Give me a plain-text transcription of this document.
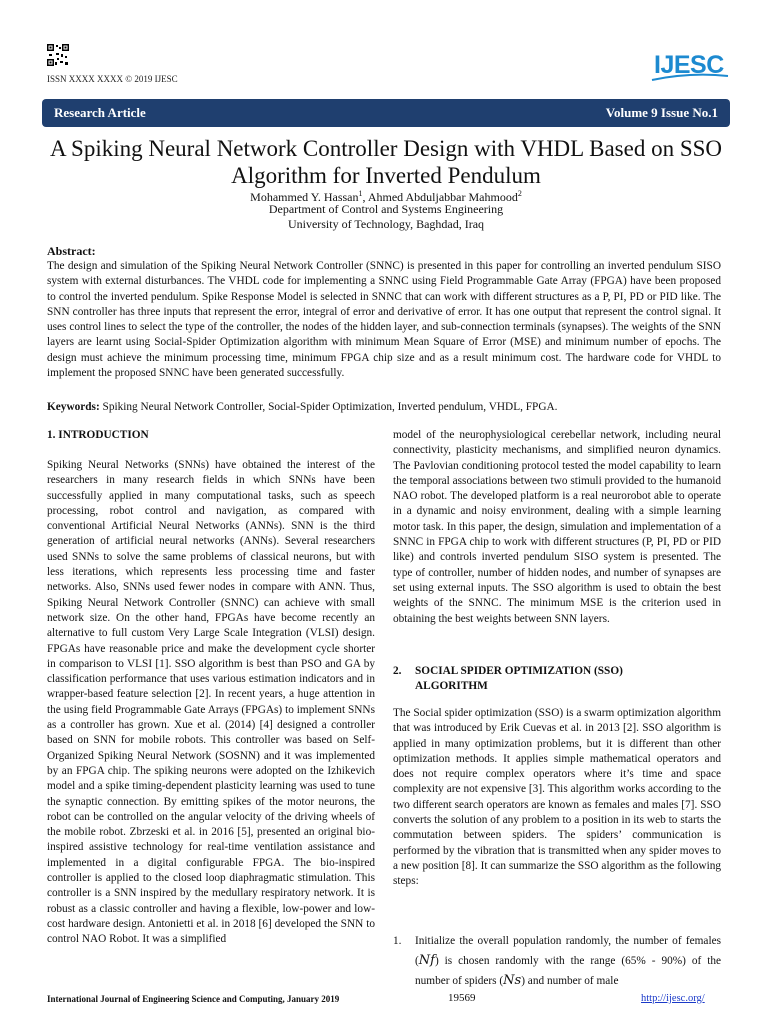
ISSN XXXX XXXX © 2019 IJESC	IJESC
Research Article	Volume 9 Issue No.1
A Spiking Neural Network Controller Design with VHDL Based on SSO Algorithm for Inverted Pendulum
Mohammed Y. Hassan$^1$, Ahmed Abduljabbar Mahmood$^2$
Department of Control and Systems Engineering
University of Technology, Baghdad, Iraq
Abstract:
The design and simulation of the Spiking Neural Network Controller (SNNC) is presented in this paper for controlling an inverted pendulum SISO system with external disturbances. The VHDL code for implementing a SNNC using Field Programmable Gate Array (FPGA) have been proposed to control the inverted pendulum. Spike Response Model is selected in SNNC that can work with different structures as a P, PI, PD or PID like. The SNN controller has three inputs that represent the error, integral of error and derivative of error. It has one output that represent the control signal. It uses control lines to select the type of the controller, the nodes of the hidden layer, and sub-connection terminals (synapses). The weights of the SNN layers are learnt using Social-Spider Optimization algorithm with minimum Mean Square of Error (MSE) and minimum number of epochs. The design must achieve the minimum processing time, minimum FPGA chip size and as a result minimum cost. The hardware code for VHDL to implement the proposed SNNC have been generated successfully.
Keywords: Spiking Neural Network Controller, Social-Spider Optimization, Inverted pendulum, VHDL, FPGA.
1. INTRODUCTION
Spiking Neural Networks (SNNs) have obtained the interest of the researchers in many research fields in which SNNs have been successfully applied in many computational tasks, such as speech processing, robot control and navigation, as compared with conventional Artificial Neural Networks (ANNs). SNN is the third generation of artificial neural networks (ANNs). Several researchers used SNNs to solve the same problems of classical neurons, but with less iterations, which represents less processing time and faster networks. Also, SNNs used fewer nodes in compare with ANN. Thus, Spiking Neural Network Controller (SNNC) can achieve with small network size. On the other hand, FPGAs have become recently an alternative to full custom Very Large Scale Integration (VLSI) design. FPGAs have reasonable price and make the development cycle shorter in comparison to VLSI [1]. SSO algorithm is best than PSO and GA by classification performance that uses various estimation indicators and in wrapper-based feature selection [2]. In recent years, a huge attention in the using field Programmable Gate Arrays (FPGAs) to implement SNNs as a controller has grown. Xue et al. (2014) [4] designed a controller based on SNN for mobile robots. This controller was based on Self-Organized Spiking Neural Network (SOSNN) and it was implemented by an FPGA chip. The spiking neurons were adopted on the Izhikevich model and a spike timing-dependent plasticity learning was used to tune the synaptic connection. By emitting spikes of the motor neurons, the robot can be controlled on the angular velocity of the driving wheels of the mobile robot. Zbrzeski et al. in 2016 [5], presented an original bio-inspired assistive technology for real-time ventilation assistance and implemented in a digital configurable FPGA. The bio-inspired controller is applied to the closed loop diaphragmatic stimulation. This controller is a SNN inspired by the medullary respiratory network. It is robust as a classic controller and having a flexible, low-power and low-cost hardware design. Antonietti et al. in 2018 [6] developed the SNN to control NAO Robot. It was a simplified
model of the neurophysiological cerebellar network, including neural connectivity, plasticity mechanisms, and simplified neuron dynamics. The Pavlovian conditioning protocol tested the model capability to learn the temporal associations between two stimuli provided to the humanoid NAO robot. The developed platform is a real neurorobot able to operate in a dynamic and noisy environment, dealing with a simple learning motor task. In this paper, the design, simulation and implementation of a SNNC in FPGA chip to work with different structures (P, PI, PD or PID like) and controls inverted pendulum SISO system is presented. The type of controller, number of hidden nodes, and number of synapses are set using external inputs. The SSO algorithm is used to obtain the best weights of the SNNC. The minimum MSE is the criterion used in obtaining the best weights between SNN layers.
2. SOCIAL SPIDER OPTIMIZATION (SSO)
ALGORITHM
The Social spider optimization (SSO) is a swarm optimization algorithm that was introduced by Erik Cuevas et al. in 2013 [2]. SSO algorithm is applied in many optimization problems, but it is different than other optimization methods. It applies simple mathematical operators and does not require complex operators where it’s time and space complexity are not expensive [3]. This algorithm works according to the two different search operators are known as females and males [7]. SSO converts the solution of any problem to a position in its web to starts the commutation between spiders. The spiders’ communication is performed by the vibration that is transmitted when any spider moves to a new position [8]. It can summarize the SSO algorithm as the following steps:
1. Initialize the overall population randomly, the number of females (Nf) is chosen randomly with the range (65% - 90%) of the number of spiders (Ns) and number of male
International Journal of Engineering Science and Computing, January 2019	19569	http://ijesc.org/
